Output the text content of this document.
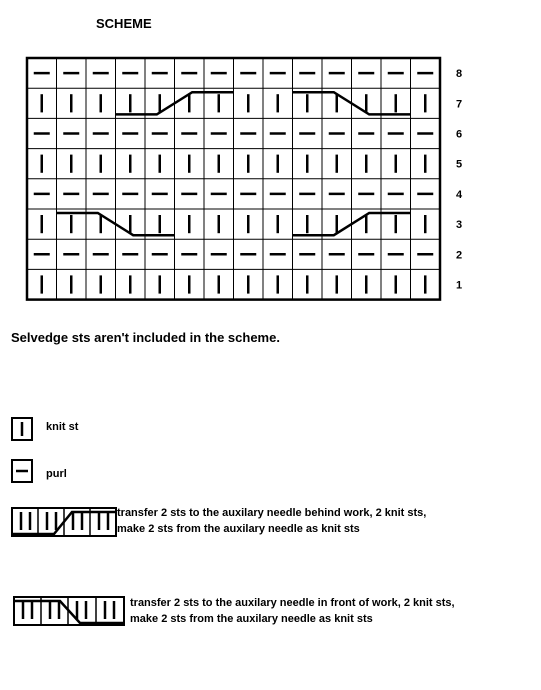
SCHEME
8
7
6
5
4
3
2
1
Selvedge sts aren't included in the scheme.
knit st
purl
transfer 2 sts to the auxilary needle behind work, 2 knit sts,
make 2 sts from the auxilary needle as knit sts
transfer 2 sts to the auxilary needle in front of work, 2 knit sts,
make 2 sts from the auxilary needle as knit sts
